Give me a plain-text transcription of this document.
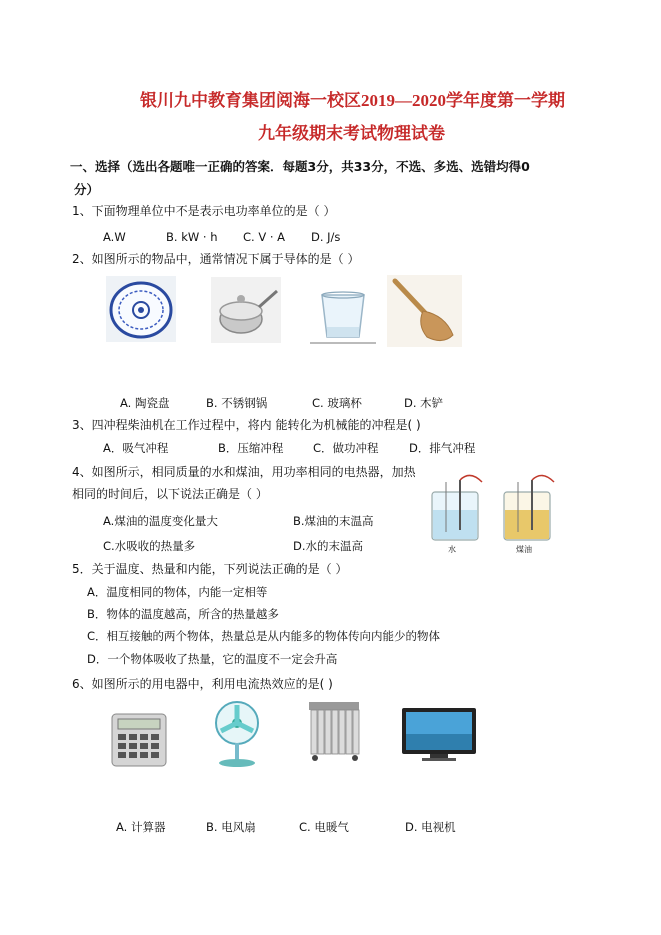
银川九中教育集团阅海一校区2019—2020学年度第一学期
九年级期末考试物理试卷
一、选择（选出各题唯一正确的答案．每题3分，共33分，不选、多选、选错均得0
分）
1、下面物理单位中不是表示电功率单位的是（ ）
A.W	B. kW · h C. V · A D. J/s
2、如图所示的物品中，通常情况下属于导体的是（ ）
A. 陶瓷盘	B. 不锈钢锅	C. 玻璃杯	D. 木铲
3、四冲程柴油机在工作过程中，将内 能转化为机械能的冲程是( )
A．吸气冲程	B．压缩冲程	C．做功冲程	D．排气冲程
4、如图所示，相同质量的水和煤油，用功率相同的电热器，加热
相同的时间后，以下说法正确是（ ）
A.煤油的温度变化量大	B.煤油的末温高
C.水吸收的热量多	D.水的末温高	水	煤油
5．关于温度、热量和内能，下列说法正确的是（ ）
A．温度相同的物体，内能一定相等
B．物体的温度越高，所含的热量越多
C．相互接触的两个物体，热量总是从内能多的物体传向内能少的物体
D．一个物体吸收了热量，它的温度不一定会升高
6、如图所示的用电器中，利用电流热效应的是( )
A. 计算器	B. 电风扇	C. 电暖气	D. 电视机
